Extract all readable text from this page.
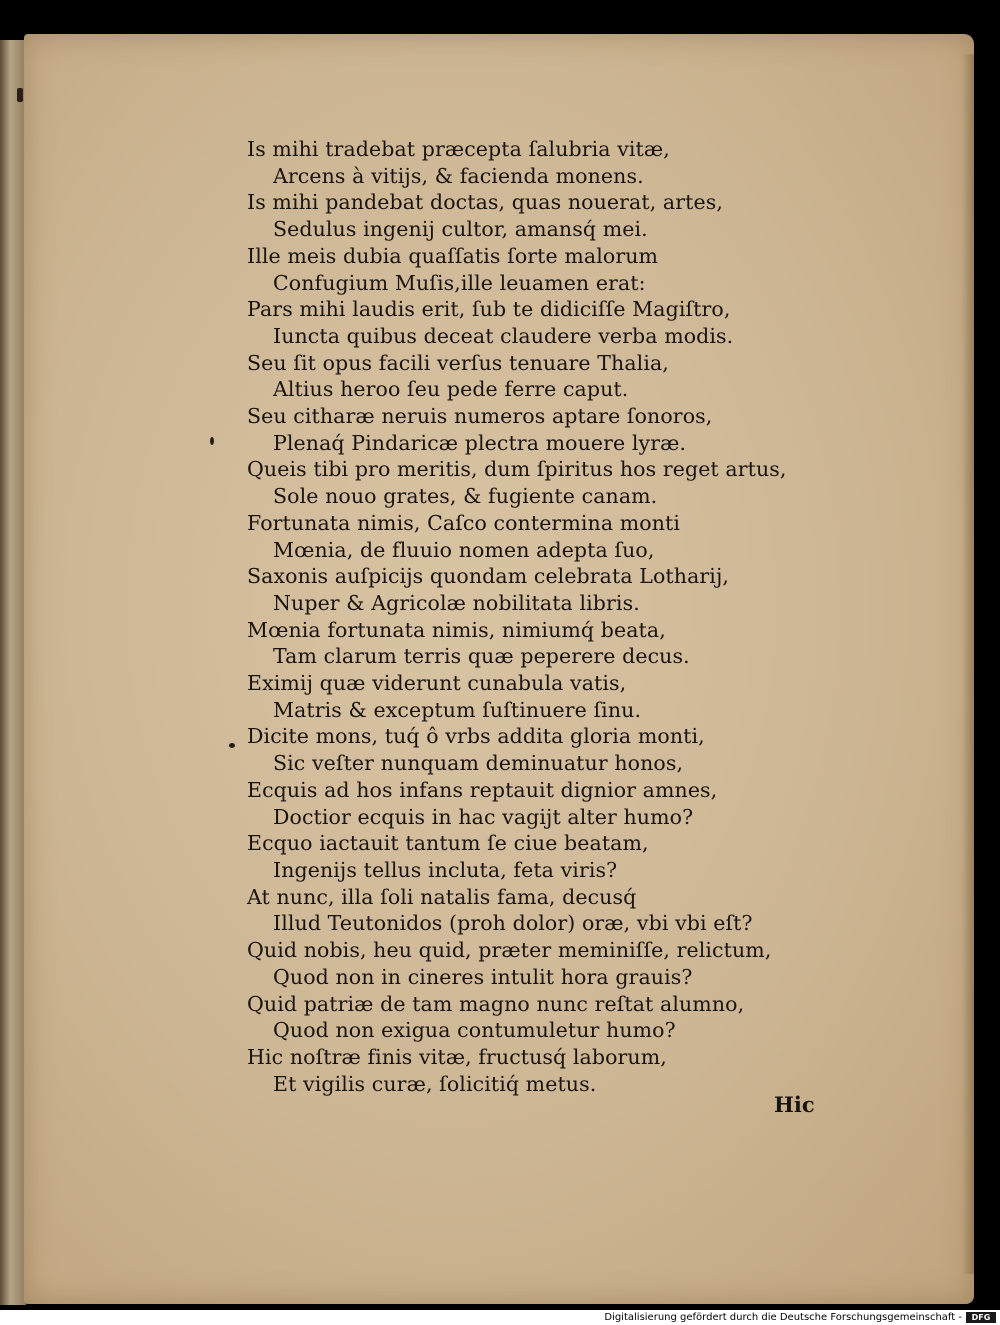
Is mihi tradebat præcepta ſalubria vitæ,
Arcens à vitijs, & facienda monens.
Is mihi pandebat doctas, quas nouerat, artes,
Sedulus ingenij cultor, amansq́ mei.
Ille meis dubia quaſſatis ſorte malorum
Confugium Muſis,ille leuamen erat:
Pars mihi laudis erit, ſub te didiciſſe Magiſtro,
Iuncta quibus deceat claudere verba modis.
Seu ſit opus facili verſus tenuare Thalia,
Altius heroo ſeu pede ferre caput.
Seu citharæ neruis numeros aptare ſonoros,
Plenaq́ Pindaricæ plectra mouere lyræ.
Queis tibi pro meritis, dum ſpiritus hos reget artus,
Sole nouo grates, & fugiente canam.
Fortunata nimis, Caſco contermina monti
Mœnia, de fluuio nomen adepta ſuo,
Saxonis auſpicijs quondam celebrata Lotharij,
Nuper & Agricolæ nobilitata libris.
Mœnia fortunata nimis, nimiumq́ beata,
Tam clarum terris quæ peperere decus.
Eximij quæ viderunt cunabula vatis,
Matris & exceptum ſuſtinuere ſinu.
Dicite mons, tuq́ ô vrbs addita gloria monti,
Sic veſter nunquam deminuatur honos,
Ecquis ad hos infans reptauit dignior amnes,
Doctior ecquis in hac vagijt alter humo?
Ecquo iactauit tantum ſe ciue beatam,
Ingenijs tellus incluta, feta viris?
At nunc, illa ſoli natalis fama, decusq́
Illud Teutonidos (proh dolor) oræ, vbi vbi eſt?
Quid nobis, heu quid, præter meminiſſe, relictum,
Quod non in cineres intulit hora grauis?
Quid patriæ de tam magno nunc reſtat alumno,
Quod non exigua contumuletur humo?
Hic noſtræ finis vitæ, fructusq́ laborum,
Et vigilis curæ, ſolicitiq́ metus.
Hic
Digitalisierung gefördert durch die Deutsche Forschungsgemeinschaft -	DFG
